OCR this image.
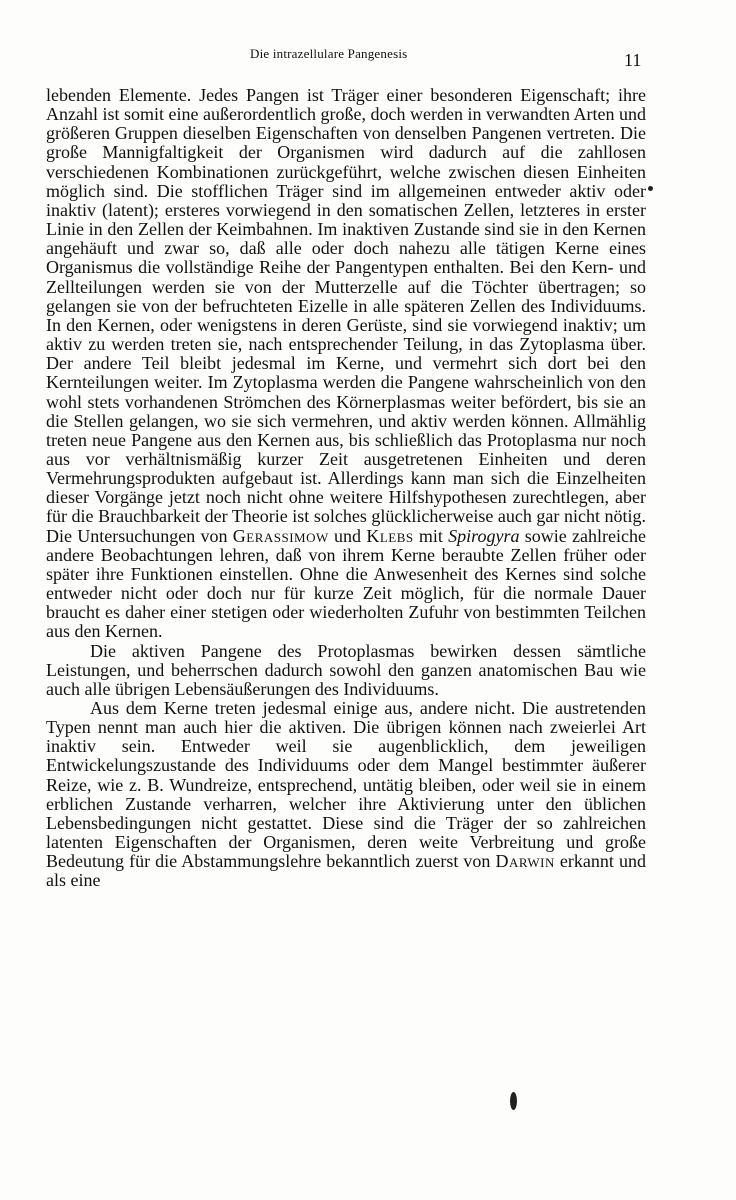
Die intrazellulare Pangenesis	11

lebenden Elemente. Jedes Pangen ist Träger einer besonderen Eigenschaft; ihre Anzahl ist somit eine außerordentlich große, doch werden in verwandten Arten und größeren Gruppen dieselben Eigenschaften von denselben Pangenen vertreten. Die große Mannigfaltigkeit der Organismen wird dadurch auf die zahllosen verschiedenen Kombinationen zurückgeführt, welche zwischen diesen Einheiten möglich sind. Die stofflichen Träger sind im allgemeinen entweder aktiv oder inaktiv (latent); ersteres vorwiegend in den somatischen Zellen, letzteres in erster Linie in den Zellen der Keimbahnen. Im inaktiven Zustande sind sie in den Kernen angehäuft und zwar so, daß alle oder doch nahezu alle tätigen Kerne eines Organismus die vollständige Reihe der Pangentypen enthalten. Bei den Kern- und Zellteilungen werden sie von der Mutterzelle auf die Töchter übertragen; so gelangen sie von der befruchteten Eizelle in alle späteren Zellen des Individuums. In den Kernen, oder wenigstens in deren Gerüste, sind sie vorwiegend inaktiv; um aktiv zu werden treten sie, nach entsprechender Teilung, in das Zytoplasma über. Der andere Teil bleibt jedesmal im Kerne, und vermehrt sich dort bei den Kernteilungen weiter. Im Zytoplasma werden die Pangene wahrscheinlich von den wohl stets vorhandenen Strömchen des Körnerplasmas weiter befördert, bis sie an die Stellen gelangen, wo sie sich vermehren, und aktiv werden können. Allmählig treten neue Pangene aus den Kernen aus, bis schließlich das Protoplasma nur noch aus vor verhältnismäßig kurzer Zeit ausgetretenen Einheiten und deren Vermehrungsprodukten aufgebaut ist. Allerdings kann man sich die Einzelheiten dieser Vorgänge jetzt noch nicht ohne weitere Hilfshypothesen zurechtlegen, aber für die Brauchbarkeit der Theorie ist solches glücklicherweise auch gar nicht nötig. Die Untersuchungen von Gerassimow und Klebs mit Spirogyra sowie zahlreiche andere Beobachtungen lehren, daß von ihrem Kerne beraubte Zellen früher oder später ihre Funktionen einstellen. Ohne die Anwesenheit des Kernes sind solche entweder nicht oder doch nur für kurze Zeit möglich, für die normale Dauer braucht es daher einer stetigen oder wiederholten Zufuhr von bestimmten Teilchen aus den Kernen.

Die aktiven Pangene des Protoplasmas bewirken dessen sämtliche Leistungen, und beherrschen dadurch sowohl den ganzen anatomischen Bau wie auch alle übrigen Lebensäußerungen des Individuums.

Aus dem Kerne treten jedesmal einige aus, andere nicht. Die austretenden Typen nennt man auch hier die aktiven. Die übrigen können nach zweierlei Art inaktiv sein. Entweder weil sie augenblicklich, dem jeweiligen Entwickelungszustande des Individuums oder dem Mangel bestimmter äußerer Reize, wie z. B. Wundreize, entsprechend, untätig bleiben, oder weil sie in einem erblichen Zustande verharren, welcher ihre Aktivierung unter den üblichen Lebensbedingungen nicht gestattet. Diese sind die Träger der so zahlreichen latenten Eigenschaften der Organismen, deren weite Verbreitung und große Bedeutung für die Abstammungslehre bekanntlich zuerst von Darwin erkannt und als eine
